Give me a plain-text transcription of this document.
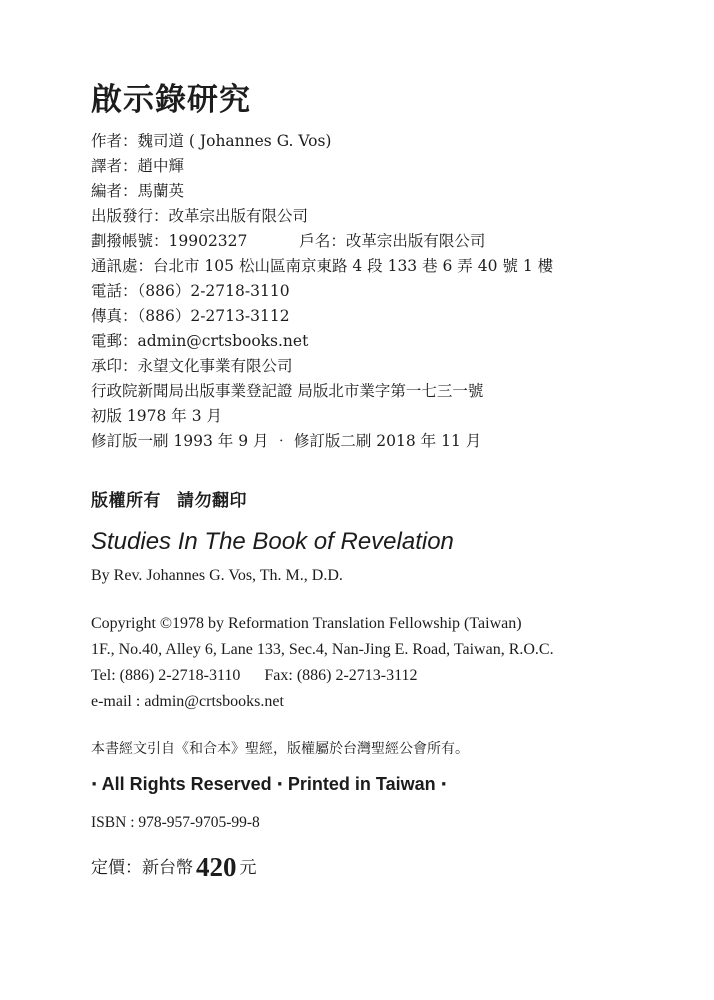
啟示錄研究
作者：魏司道 ( Johannes G. Vos)
譯者：趙中輝
編者：馬蘭英
出版發行：改革宗出版有限公司
劃撥帳號：19902327	戶名：改革宗出版有限公司
通訊處：台北市 105 松山區南京東路 4 段 133 巷 6 弄 40 號 1 樓
電話：（886）2-2718-3110
傳真：（886）2-2713-3112
電郵：admin@crtsbooks.net
承印：永望文化事業有限公司
行政院新聞局出版事業登記證 局版北市業字第一七三一號
初版 1978 年 3 月
修訂版一刷 1993 年 9 月 ‧ 修訂版二刷 2018 年 11 月
版權所有 請勿翻印
Studies In The Book of Revelation
By Rev. Johannes G. Vos, Th. M., D.D.
Copyright ©1978 by Reformation Translation Fellowship (Taiwan)
1F., No.40, Alley 6, Lane 133, Sec.4, Nan-Jing E. Road, Taiwan, R.O.C.
Tel: (886) 2-2718-3110 Fax: (886) 2-2713-3112
e-mail : admin@crtsbooks.net
本書經文引自《和合本》聖經，版權屬於台灣聖經公會所有。
‧ All Rights Reserved ‧ Printed in Taiwan ‧
ISBN : 978-957-9705-99-8
定價：新台幣 420 元
